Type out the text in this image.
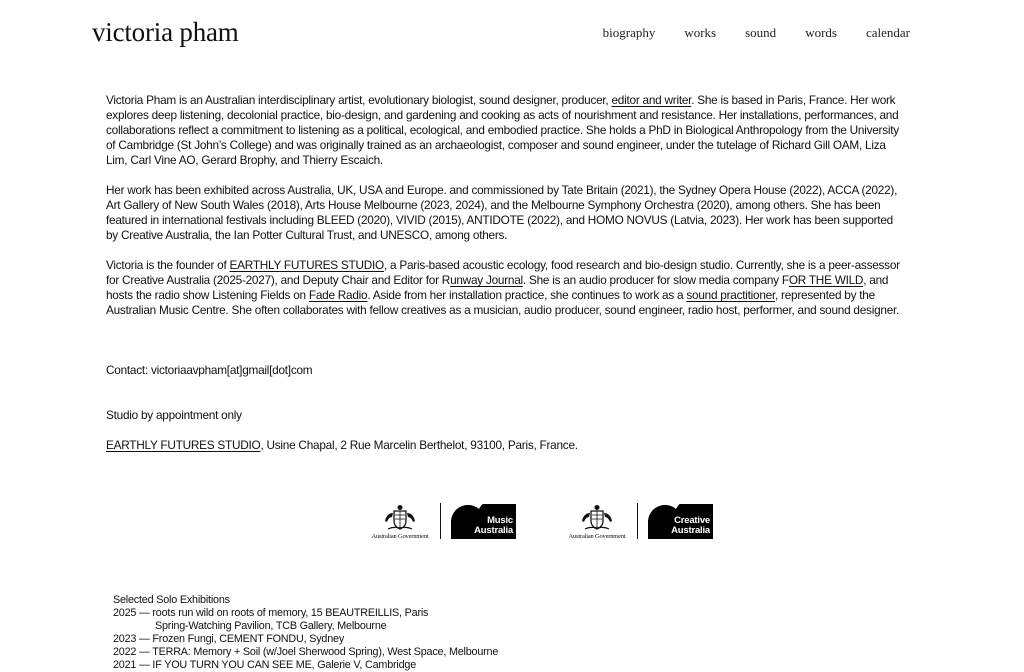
victoria pham	biography works sound words calendar

Victoria Pham is an Australian interdisciplinary artist, evolutionary biologist, sound designer, producer, editor and writer. She is based in Paris, France. Her work explores deep listening, decolonial practice, bio-design, and gardening and cooking as acts of nourishment and resistance. Her installations, performances, and collaborations reflect a commitment to listening as a political, ecological, and embodied practice. She holds a PhD in Biological Anthropology from the University of Cambridge (St John’s College) and was originally trained as an archaeologist, composer and sound engineer, under the tutelage of Richard Gill OAM, Liza Lim, Carl Vine AO, Gerard Brophy, and Thierry Escaich.

Her work has been exhibited across Australia, UK, USA and Europe. and commissioned by Tate Britain (2021), the Sydney Opera House (2022), ACCA (2022), Art Gallery of New South Wales (2018), Arts House Melbourne (2023, 2024), and the Melbourne Symphony Orchestra (2020), among others. She has been featured in international festivals including BLEED (2020), VIVID (2015), ANTIDOTE (2022), and HOMO NOVUS (Latvia, 2023). Her work has been supported by Creative Australia, the Ian Potter Cultural Trust, and UNESCO, among others.

Victoria is the founder of EARTHLY FUTURES STUDIO, a Paris-based acoustic ecology, food research and bio-design studio. Currently, she is a peer-assessor for Creative Australia (2025-2027), and Deputy Chair and Editor for Runway Journal. She is an audio producer for slow media company FOR THE WILD, and hosts the radio show Listening Fields on Fade Radio. Aside from her installation practice, she continues to work as a sound practitioner, represented by the Australian Music Centre. She often collaborates with fellow creatives as a musician, audio producer, sound engineer, radio host, performer, and sound designer.

Contact: victoriaavpham[at]gmail[dot]com
Studio by appointment only
EARTHLY FUTURES STUDIO, Usine Chapal, 2 Rue Marcelin Berthelot, 93100, Paris, France.
Australian Government
Music
Australia
Australian Government
Creative
Australia
Selected Solo Exhibitions
2025 — roots run wild on roots of memory, 15 BEAUTREILLIS, Paris
Spring-Watching Pavilion, TCB Gallery, Melbourne
2023 — Frozen Fungi, CEMENT FONDU, Sydney
2022 — TERRA: Memory + Soil (w/Joel Sherwood Spring), West Space, Melbourne
2021 — IF YOU TURN YOU CAN SEE ME, Galerie V, Cambridge
